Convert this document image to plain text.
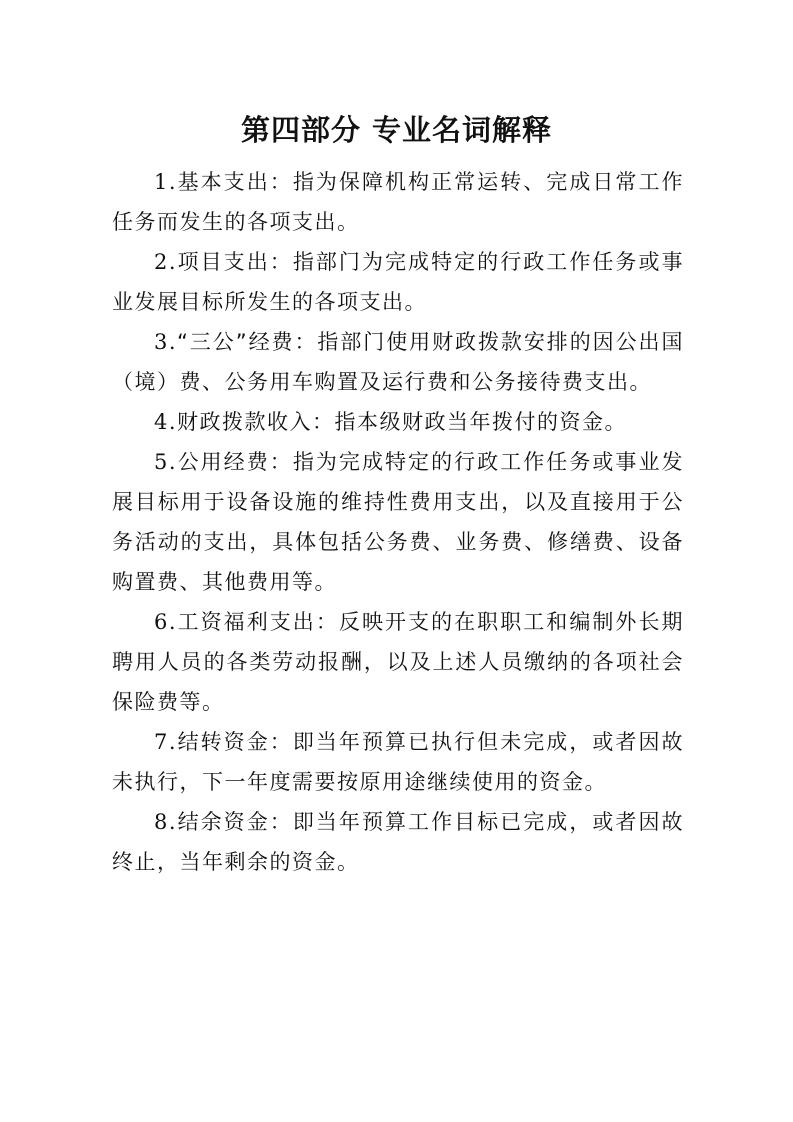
第四部分 专业名词解释

1.基本支出：指为保障机构正常运转、完成日常工作任务而发生的各项支出。

2.项目支出：指部门为完成特定的行政工作任务或事业发展目标所发生的各项支出。

3.“三公”经费：指部门使用财政拨款安排的因公出国（境）费、公务用车购置及运行费和公务接待费支出。

4.财政拨款收入：指本级财政当年拨付的资金。

5.公用经费：指为完成特定的行政工作任务或事业发展目标用于设备设施的维持性费用支出，以及直接用于公务活动的支出，具体包括公务费、业务费、修缮费、设备购置费、其他费用等。

6.工资福利支出：反映开支的在职职工和编制外长期聘用人员的各类劳动报酬，以及上述人员缴纳的各项社会保险费等。

7.结转资金：即当年预算已执行但未完成，或者因故未执行，下一年度需要按原用途继续使用的资金。

8.结余资金：即当年预算工作目标已完成，或者因故终止，当年剩余的资金。
